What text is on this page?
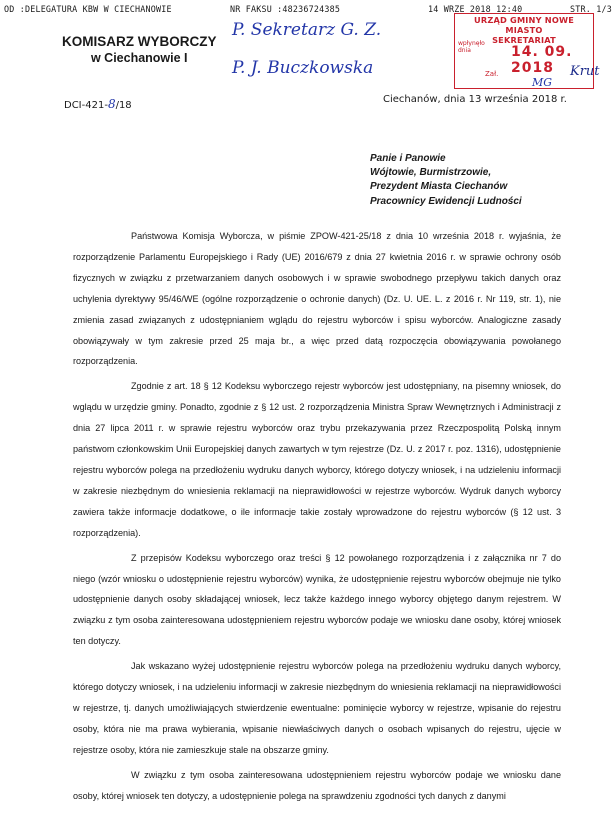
OD :DELEGATURA KBW W CIECHANOWIE	NR FAKSU :48236724385	14 WRZE 2018 12:40	STR. 1/3
KOMISARZ WYBORCZY
w Ciechanowie I
P. Sekretarz G. Z.
P. J. Buczkowska
DCI-421-8/18
Ciechanów, dnia 13 września 2018 r.
URZĄD GMINY NOWE MIASTO
SEKRETARIAT
wpłynęło dnia	14. 09. 2018
Zał.
MG
Krut
Panie i Panowie
Wójtowie, Burmistrzowie,
Prezydent Miasta Ciechanów
Pracownicy Ewidencji Ludności

Państwowa Komisja Wyborcza, w piśmie ZPOW-421-25/18 z dnia 10 września 2018 r. wyjaśnia, że rozporządzenie Parlamentu Europejskiego i Rady (UE) 2016/679 z dnia 27 kwietnia 2016 r. w sprawie ochrony osób fizycznych w związku z przetwarzaniem danych osobowych i w sprawie swobodnego przepływu takich danych oraz uchylenia dyrektywy 95/46/WE (ogólne rozporządzenie o ochronie danych) (Dz. U. UE. L. z 2016 r. Nr 119, str. 1), nie zmienia zasad związanych z udostępnianiem wglądu do rejestru wyborców i spisu wyborców. Analogiczne zasady obowiązywały w tym zakresie przed 25 maja br., a więc przed datą rozpoczęcia obowiązywania powołanego rozporządzenia.

Zgodnie z art. 18 § 12 Kodeksu wyborczego rejestr wyborców jest udostępniany, na pisemny wniosek, do wglądu w urzędzie gminy. Ponadto, zgodnie z § 12 ust. 2 rozporządzenia Ministra Spraw Wewnętrznych i Administracji z dnia 27 lipca 2011 r. w sprawie rejestru wyborców oraz trybu przekazywania przez Rzeczpospolitą Polską innym państwom członkowskim Unii Europejskiej danych zawartych w tym rejestrze (Dz. U. z 2017 r. poz. 1316), udostępnienie rejestru wyborców polega na przedłożeniu wydruku danych wyborcy, którego dotyczy wniosek, i na udzieleniu informacji w zakresie niezbędnym do wniesienia reklamacji na nieprawidłowości w rejestrze wyborców. Wydruk danych wyborcy zawiera także informacje dodatkowe, o ile informacje takie zostały wprowadzone do rejestru wyborców (§ 12 ust. 3 rozporządzenia).

Z przepisów Kodeksu wyborczego oraz treści § 12 powołanego rozporządzenia i z załącznika nr 7 do niego (wzór wniosku o udostępnienie rejestru wyborców) wynika, że udostępnienie rejestru wyborców obejmuje nie tylko udostępnienie danych osoby składającej wniosek, lecz także każdego innego wyborcy objętego danym rejestrem. W związku z tym osoba zainteresowana udostępnieniem rejestru wyborców podaje we wniosku dane osoby, której wniosek ten dotyczy.

Jak wskazano wyżej udostępnienie rejestru wyborców polega na przedłożeniu wydruku danych wyborcy, którego dotyczy wniosek, i na udzieleniu informacji w zakresie niezbędnym do wniesienia reklamacji na nieprawidłowości w rejestrze, tj. danych umożliwiających stwierdzenie ewentualne: pominięcie wyborcy w rejestrze, wpisanie do rejestru osoby, która nie ma prawa wybierania, wpisanie niewłaściwych danych o osobach wpisanych do rejestru, ujęcie w rejestrze osoby, która nie zamieszkuje stale na obszarze gminy.

W związku z tym osoba zainteresowana udostępnieniem rejestru wyborców podaje we wniosku dane osoby, której wniosek ten dotyczy, a udostępnienie polega na sprawdzeniu zgodności tych danych z danymi
